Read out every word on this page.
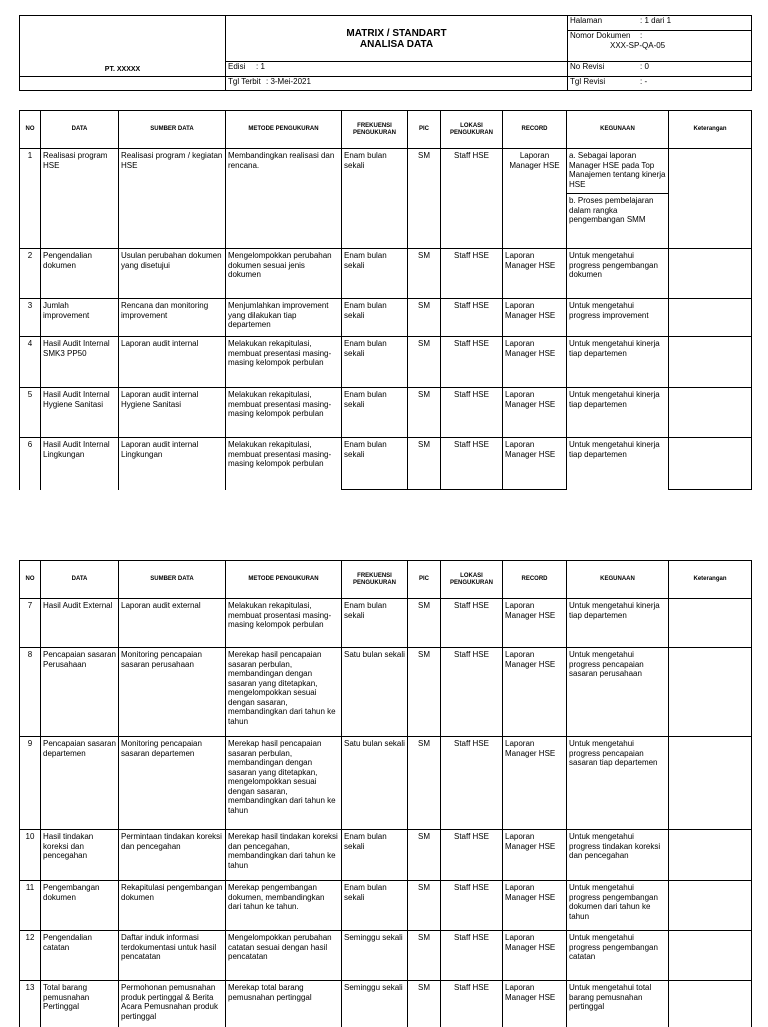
PT. XXXXX	MATRIX / STANDART
ANALISA DATA	Halaman : 1 dari 1

		Nomor Dokumen :
XXX-SP-QA-05

	Edisi : 1	No Revisi : 0
	Tgl Terbit : 3-Mei-2021	Tgl Revisi : -
NO	DATA	SUMBER DATA	METODE PENGUKURAN	FREKUENSI PENGUKURAN	PIC	LOKASI PENGUKURAN	RECORD	KEGUNAAN	Keterangan
1	Realisasi program HSE	Realisasi program / kegiatan HSE	Membandingkan realisasi dan rencana.	Enam bulan sekali	SM	Staff HSE	Laporan Manager HSE	a. Sebagai laporan Manager HSE pada Top Manajemen tentang kinerja HSE
b. Proses pembelajaran dalam rangka pengembangan SMM	

2	Pengendalian dokumen	Usulan perubahan dokumen yang disetujui	Mengelompokkan perubahan dokumen sesuai jenis dokumen	Enam bulan sekali	SM	Staff HSE	Laporan Manager HSE	Untuk mengetahui progress pengembangan dokumen	
3	Jumlah improvement	Rencana dan monitoring improvement	Menjumlahkan improvement yang dilakukan tiap departemen	Enam bulan sekali	SM	Staff HSE	Laporan Manager HSE	Untuk mengetahui progress improvement	
4	Hasil Audit Internal SMK3 PP50	Laporan audit internal	Melakukan rekapitulasi, membuat presentasi masing-masing kelompok perbulan	Enam bulan sekali	SM	Staff HSE	Laporan Manager HSE	Untuk mengetahui kinerja tiap departemen	
5	Hasil Audit Internal Hygiene Sanitasi	Laporan audit internal Hygiene Sanitasi	Melakukan rekapitulasi, membuat presentasi masing-masing kelompok perbulan	Enam bulan sekali	SM	Staff HSE	Laporan Manager HSE	Untuk mengetahui kinerja tiap departemen	
6	Hasil Audit Internal Lingkungan	Laporan audit internal Lingkungan	Melakukan rekapitulasi, membuat presentasi masing-masing kelompok perbulan	Enam bulan sekali	SM	Staff HSE	Laporan Manager HSE	Untuk mengetahui kinerja tiap departemen	
NO	DATA	SUMBER DATA	METODE PENGUKURAN	FREKUENSI PENGUKURAN	PIC	LOKASI PENGUKURAN	RECORD	KEGUNAAN	Keterangan
7	Hasil Audit External	Laporan audit external	Melakukan rekapitulasi, membuat prosentasi masing-masing kelompok perbulan	Enam bulan sekali	SM	Staff HSE	Laporan Manager HSE	Untuk mengetahui kinerja tiap departemen	
8	Pencapaian sasaran Perusahaan	Monitoring pencapaian sasaran perusahaan	Merekap hasil pencapaian sasaran perbulan, membandingan dengan sasaran yang ditetapkan, mengelompokkan sesuai dengan sasaran, membandingkan dari tahun ke tahun	Satu bulan sekali	SM	Staff HSE	Laporan Manager HSE	Untuk mengetahui progress pencapaian sasaran perusahaan	
9	Pencapaian sasaran departemen	Monitoring pencapaian sasaran departemen	Merekap hasil pencapaian sasaran perbulan, membandingan dengan sasaran yang ditetapkan, mengelompokkan sesuai dengan sasaran, membandingkan dari tahun ke tahun	Satu bulan sekali	SM	Staff HSE	Laporan Manager HSE	Untuk mengetahui progress pencapaian sasaran tiap departemen	
10	Hasil tindakan koreksi dan pencegahan	Permintaan tindakan koreksi dan pencegahan	Merekap hasil tindakan koreksi dan pencegahan, membandingkan dari tahun ke tahun	Enam bulan sekali	SM	Staff HSE	Laporan Manager HSE	Untuk mengetahui progress tindakan koreksi dan pencegahan	
11	Pengembangan dokumen	Rekapitulasi pengembangan dokumen	Merekap pengembangan dokumen, membandingkan dari tahun ke tahun.	Enam bulan sekali	SM	Staff HSE	Laporan Manager HSE	Untuk mengetahui progress pengembangan dokumen dari tahun ke tahun	
12	Pengendalian catatan	Daftar induk informasi terdokumentasi untuk hasil pencatatan	Mengelompokkan perubahan catatan sesuai dengan hasil pencatatan	Seminggu sekali	SM	Staff HSE	Laporan Manager HSE	Untuk mengetahui progress pengembangan catatan	
13	Total barang pemusnahan Pertinggal	Permohonan pemusnahan produk pertinggal & Berita Acara Pemusnahan produk pertinggal	Merekap total barang pemusnahan pertinggal	Seminggu sekali	SM	Staff HSE	Laporan Manager HSE	Untuk mengetahui total barang pemusnahan pertinggal	
